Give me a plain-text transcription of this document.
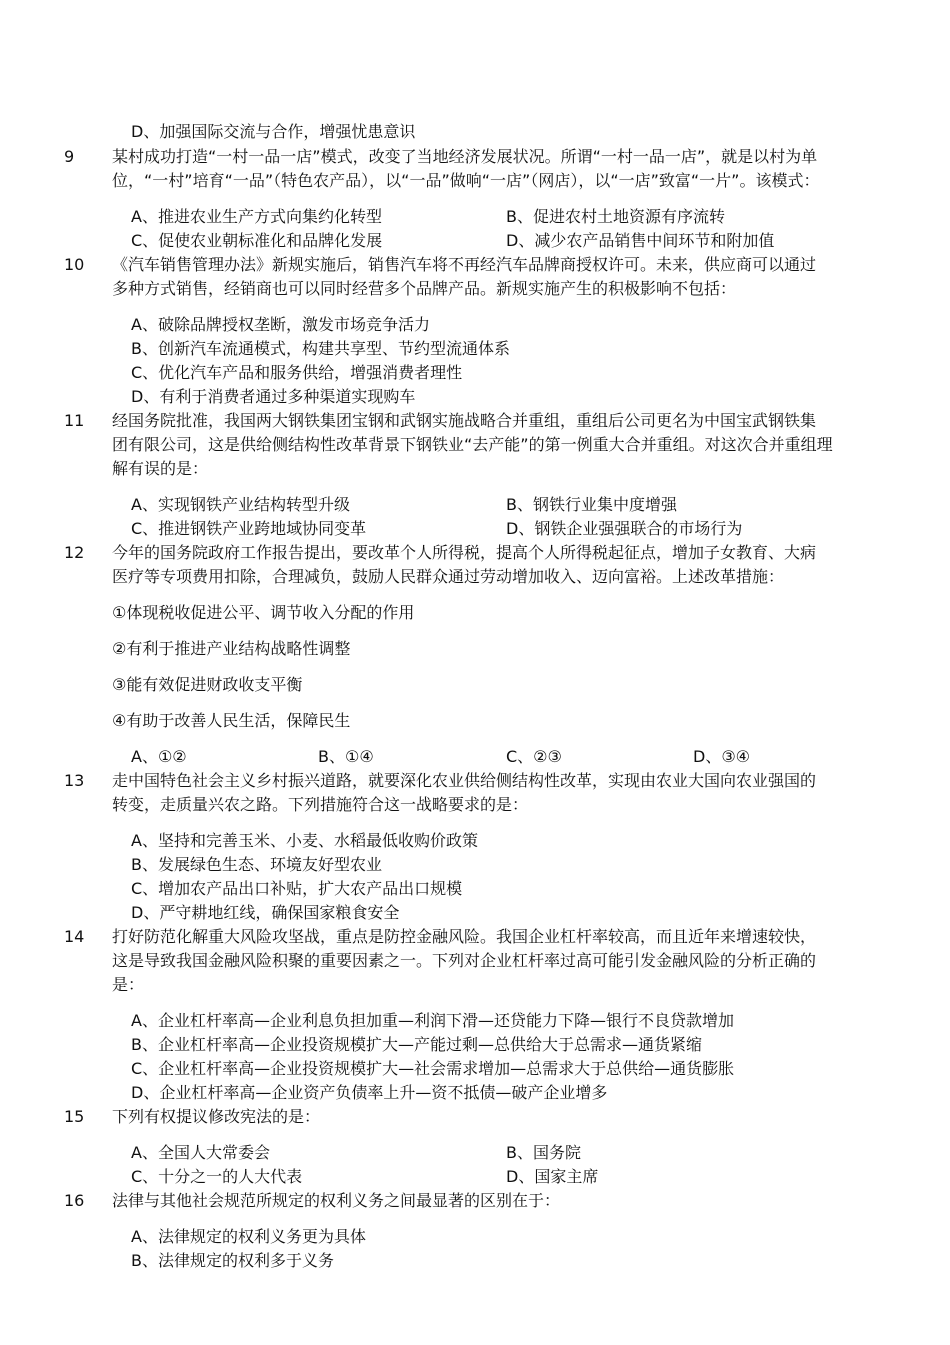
D、加强国际交流与合作，增强忧患意识
9 某村成功打造“一村一品一店”模式，改变了当地经济发展状况。所谓“一村一品一店”，就是以村为单
位，“一村”培育“一品”（特色农产品），以“一品”做响“一店”（网店），以“一店”致富“一片”。该模式：
A、推进农业生产方式向集约化转型	B、促进农村土地资源有序流转
C、促使农业朝标准化和品牌化发展	D、减少农产品销售中间环节和附加值
10 《汽车销售管理办法》新规实施后，销售汽车将不再经汽车品牌商授权许可。未来，供应商可以通过
多种方式销售，经销商也可以同时经营多个品牌产品。新规实施产生的积极影响不包括：
A、破除品牌授权垄断，激发市场竞争活力
B、创新汽车流通模式，构建共享型、节约型流通体系
C、优化汽车产品和服务供给，增强消费者理性
D、有利于消费者通过多种渠道实现购车
11 经国务院批准，我国两大钢铁集团宝钢和武钢实施战略合并重组，重组后公司更名为中国宝武钢铁集
团有限公司，这是供给侧结构性改革背景下钢铁业“去产能”的第一例重大合并重组。对这次合并重组理
解有误的是：
A、实现钢铁产业结构转型升级	B、钢铁行业集中度增强
C、推进钢铁产业跨地域协同变革	D、钢铁企业强强联合的市场行为
12 今年的国务院政府工作报告提出，要改革个人所得税，提高个人所得税起征点，增加子女教育、大病
医疗等专项费用扣除，合理减负，鼓励人民群众通过劳动增加收入、迈向富裕。上述改革措施：
①体现税收促进公平、调节收入分配的作用
②有利于推进产业结构战略性调整
③能有效促进财政收支平衡
④有助于改善人民生活，保障民生
A、①②	B、①④	C、②③	D、③④
13 走中国特色社会主义乡村振兴道路，就要深化农业供给侧结构性改革，实现由农业大国向农业强国的
转变，走质量兴农之路。下列措施符合这一战略要求的是：
A、坚持和完善玉米、小麦、水稻最低收购价政策
B、发展绿色生态、环境友好型农业
C、增加农产品出口补贴，扩大农产品出口规模
D、严守耕地红线，确保国家粮食安全
14 打好防范化解重大风险攻坚战，重点是防控金融风险。我国企业杠杆率较高，而且近年来增速较快，
这是导致我国金融风险积聚的重要因素之一。下列对企业杠杆率过高可能引发金融风险的分析正确的
是：
A、企业杠杆率高—企业利息负担加重—利润下滑—还贷能力下降—银行不良贷款增加
B、企业杠杆率高—企业投资规模扩大—产能过剩—总供给大于总需求—通货紧缩
C、企业杠杆率高—企业投资规模扩大—社会需求增加—总需求大于总供给—通货膨胀
D、企业杠杆率高—企业资产负债率上升—资不抵债—破产企业增多
15 下列有权提议修改宪法的是：
A、全国人大常委会	B、国务院
C、十分之一的人大代表	D、国家主席
16 法律与其他社会规范所规定的权利义务之间最显著的区别在于：
A、法律规定的权利义务更为具体
B、法律规定的权利多于义务
